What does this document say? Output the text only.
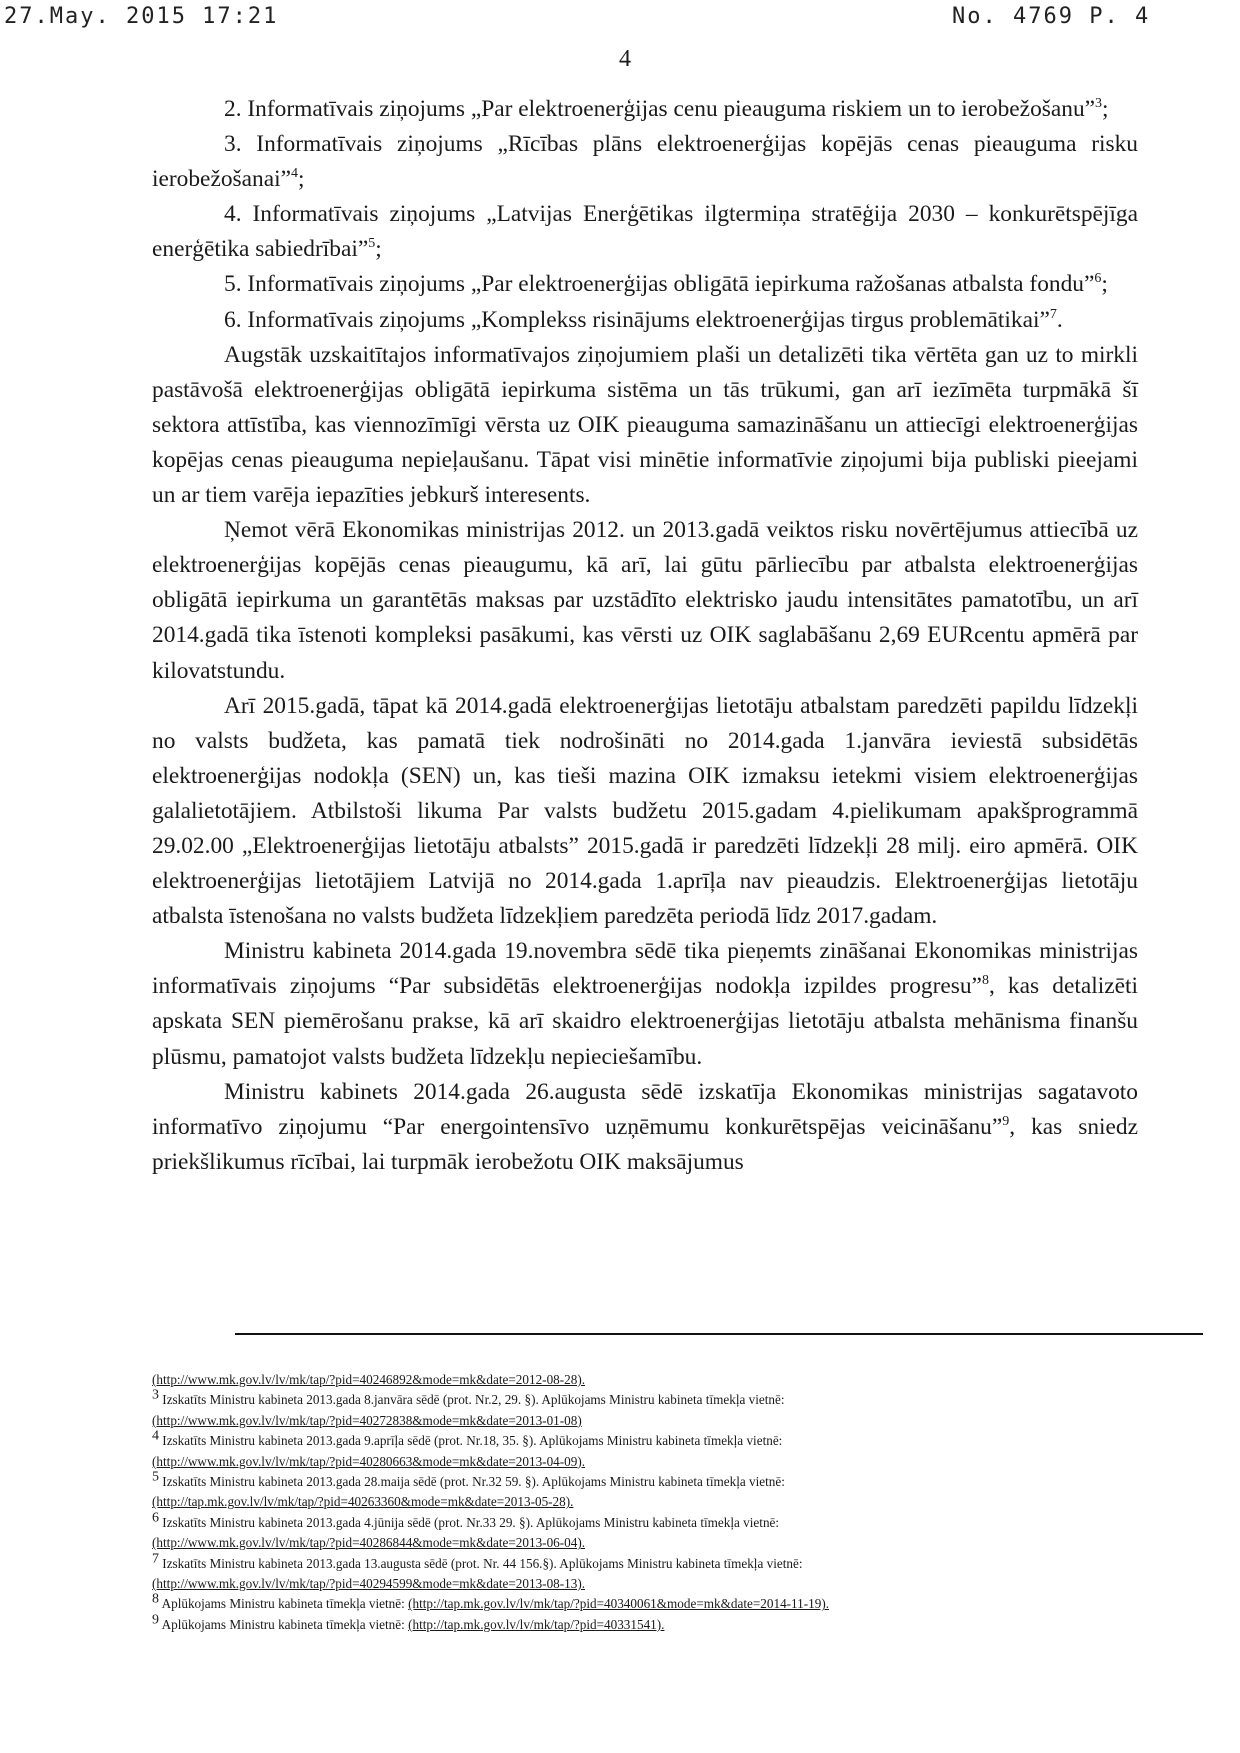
27.May. 2015 17:21	No. 4769 P. 4
4

2. Informatīvais ziņojums „Par elektroenerģijas cenu pieauguma riskiem un to ierobežošanu”$^3$;

3. Informatīvais ziņojums „Rīcības plāns elektroenerģijas kopējās cenas pieauguma risku ierobežošanai”$^4$;

4. Informatīvais ziņojums „Latvijas Enerģētikas ilgtermiņa stratēģija 2030 – konkurētspējīga enerģētika sabiedrībai”$^5$;

5. Informatīvais ziņojums „Par elektroenerģijas obligātā iepirkuma ražošanas atbalsta fondu”$^6$;

6. Informatīvais ziņojums „Komplekss risinājums elektroenerģijas tirgus problemātikai”$^7$.

Augstāk uzskaitītajos informatīvajos ziņojumiem plaši un detalizēti tika vērtēta gan uz to mirkli pastāvošā elektroenerģijas obligātā iepirkuma sistēma un tās trūkumi, gan arī iezīmēta turpmākā šī sektora attīstība, kas viennozīmīgi vērsta uz OIK pieauguma samazināšanu un attiecīgi elektroenerģijas kopējas cenas pieauguma nepieļaušanu. Tāpat visi minētie informatīvie ziņojumi bija publiski pieejami un ar tiem varēja iepazīties jebkurš interesents.

Ņemot vērā Ekonomikas ministrijas 2012. un 2013.gadā veiktos risku novērtējumus attiecībā uz elektroenerģijas kopējās cenas pieaugumu, kā arī, lai gūtu pārliecību par atbalsta elektroenerģijas obligātā iepirkuma un garantētās maksas par uzstādīto elektrisko jaudu intensitātes pamatotību, un arī 2014.gadā tika īstenoti kompleksi pasākumi, kas vērsti uz OIK saglabāšanu 2,69 EURcentu apmērā par kilovatstundu.

Arī 2015.gadā, tāpat kā 2014.gadā elektroenerģijas lietotāju atbalstam paredzēti papildu līdzekļi no valsts budžeta, kas pamatā tiek nodrošināti no 2014.gada 1.janvāra ieviestā subsidētās elektroenerģijas nodokļa (SEN) un, kas tieši mazina OIK izmaksu ietekmi visiem elektroenerģijas galalietotājiem. Atbilstoši likuma Par valsts budžetu 2015.gadam 4.pielikumam apakšprogrammā 29.02.00 „Elektroenerģijas lietotāju atbalsts” 2015.gadā ir paredzēti līdzekļi 28 milj. eiro apmērā. OIK elektroenerģijas lietotājiem Latvijā no 2014.gada 1.aprīļa nav pieaudzis. Elektroenerģijas lietotāju atbalsta īstenošana no valsts budžeta līdzekļiem paredzēta periodā līdz 2017.gadam.

Ministru kabineta 2014.gada 19.novembra sēdē tika pieņemts zināšanai Ekonomikas ministrijas informatīvais ziņojums “Par subsidētās elektroenerģijas nodokļa izpildes progresu”$^8$, kas detalizēti apskata SEN piemērošanu prakse, kā arī skaidro elektroenerģijas lietotāju atbalsta mehānisma finanšu plūsmu, pamatojot valsts budžeta līdzekļu nepieciešamību.

Ministru kabinets 2014.gada 26.augusta sēdē izskatīja Ekonomikas ministrijas sagatavoto informatīvo ziņojumu “Par energointensīvo uzņēmumu konkurētspējas veicināšanu”$^9$, kas sniedz priekšlikumus rīcībai, lai turpmāk ierobežotu OIK maksājumus

(http://www.mk.gov.lv/lv/mk/tap/?pid=40246892&mode=mk&date=2012-08-28).

$^3$ Izskatīts Ministru kabineta 2013.gada 8.janvāra sēdē (prot. Nr.2, 29. §). Aplūkojams Ministru kabineta tīmekļa vietnē:

(http://www.mk.gov.lv/lv/mk/tap/?pid=40272838&mode=mk&date=2013-01-08)

$^4$ Izskatīts Ministru kabineta 2013.gada 9.aprīļa sēdē (prot. Nr.18, 35. §). Aplūkojams Ministru kabineta tīmekļa vietnē:

(http://www.mk.gov.lv/lv/mk/tap/?pid=40280663&mode=mk&date=2013-04-09).

$^5$ Izskatīts Ministru kabineta 2013.gada 28.maija sēdē (prot. Nr.32 59. §). Aplūkojams Ministru kabineta tīmekļa vietnē:

(http://tap.mk.gov.lv/lv/mk/tap/?pid=40263360&mode=mk&date=2013-05-28).

$^6$ Izskatīts Ministru kabineta 2013.gada 4.jūnija sēdē (prot. Nr.33 29. §). Aplūkojams Ministru kabineta tīmekļa vietnē:

(http://www.mk.gov.lv/lv/mk/tap/?pid=40286844&mode=mk&date=2013-06-04).

$^7$ Izskatīts Ministru kabineta 2013.gada 13.augusta sēdē (prot. Nr. 44 156.§). Aplūkojams Ministru kabineta tīmekļa vietnē:

(http://www.mk.gov.lv/lv/mk/tap/?pid=40294599&mode=mk&date=2013-08-13).

$^8$ Aplūkojams Ministru kabineta tīmekļa vietnē: (http://tap.mk.gov.lv/lv/mk/tap/?pid=40340061&mode=mk&date=2014-11-19).

$^9$ Aplūkojams Ministru kabineta tīmekļa vietnē: (http://tap.mk.gov.lv/lv/mk/tap/?pid=40331541).
